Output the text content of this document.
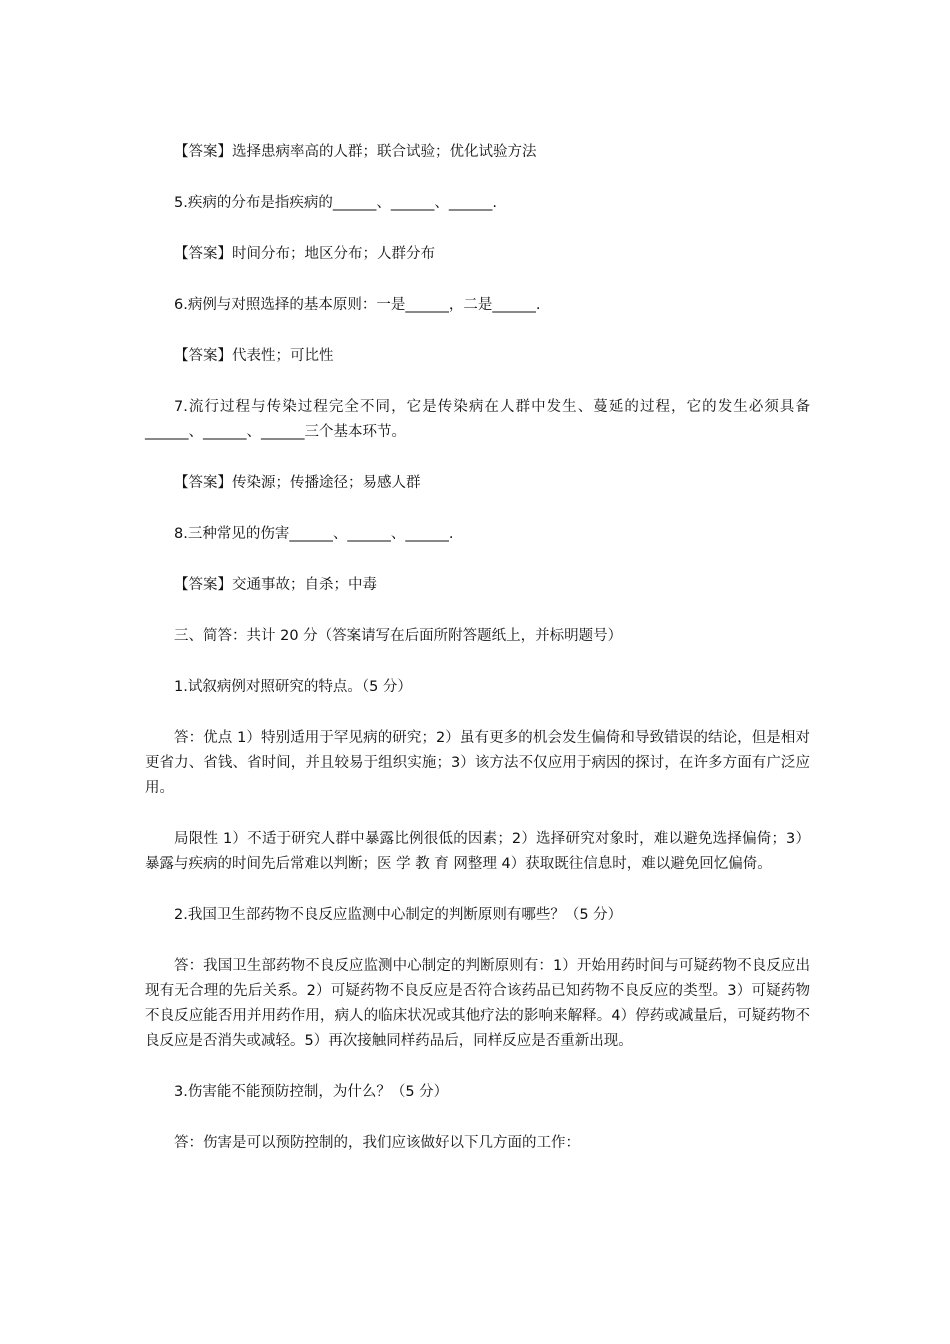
【答案】选择患病率高的人群；联合试验；优化试验方法

5.疾病的分布是指疾病的______、______、______.

【答案】时间分布；地区分布；人群分布

6.病例与对照选择的基本原则：一是______，二是______.

【答案】代表性；可比性

7.流行过程与传染过程完全不同，它是传染病在人群中发生、蔓延的过程，它的发生必须具备______、______、______三个基本环节。

【答案】传染源；传播途径；易感人群

8.三种常见的伤害______、______、______.

【答案】交通事故；自杀；中毒

三、简答：共计 20 分（答案请写在后面所附答题纸上，并标明题号）

1.试叙病例对照研究的特点。（5 分）

答：优点 1）特别适用于罕见病的研究；2）虽有更多的机会发生偏倚和导致错误的结论，但是相对更省力、省钱、省时间，并且较易于组织实施；3）该方法不仅应用于病因的探讨，在许多方面有广泛应用。

局限性 1）不适于研究人群中暴露比例很低的因素；2）选择研究对象时，难以避免选择偏倚；3）暴露与疾病的时间先后常难以判断；医 学 教 育 网整理 4）获取既往信息时，难以避免回忆偏倚。

2.我国卫生部药物不良反应监测中心制定的判断原则有哪些？（5 分）

答：我国卫生部药物不良反应监测中心制定的判断原则有：1）开始用药时间与可疑药物不良反应出现有无合理的先后关系。2）可疑药物不良反应是否符合该药品已知药物不良反应的类型。3）可疑药物不良反应能否用并用药作用，病人的临床状况或其他疗法的影响来解释。4）停药或减量后，可疑药物不良反应是否消失或减轻。5）再次接触同样药品后，同样反应是否重新出现。

3.伤害能不能预防控制，为什么？（5 分）

答：伤害是可以预防控制的，我们应该做好以下几方面的工作：
